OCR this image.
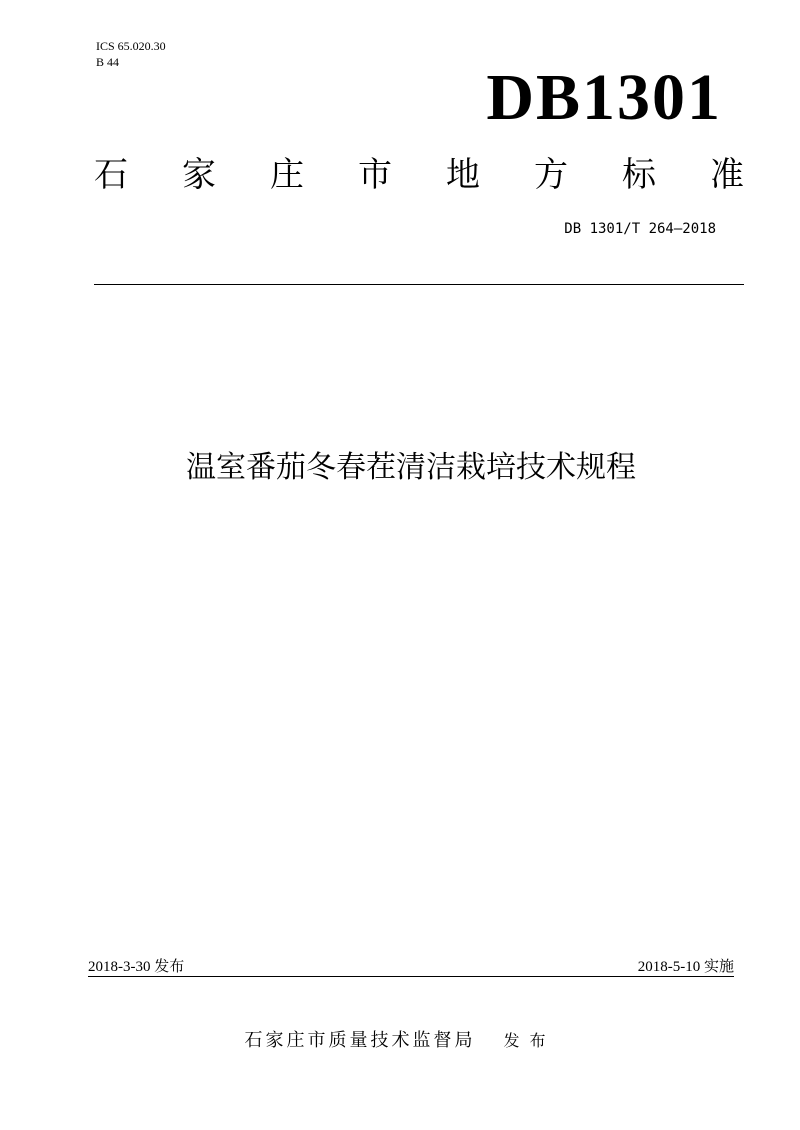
ICS 65.020.30
B 44	DB1301
石 家 庄 市 地 方 标 准
DB 1301/T 264—2018
温室番茄冬春茬清洁栽培技术规程
2018-3-30 发布	2018-5-10 实施
石家庄市质量技术监督局 发布
